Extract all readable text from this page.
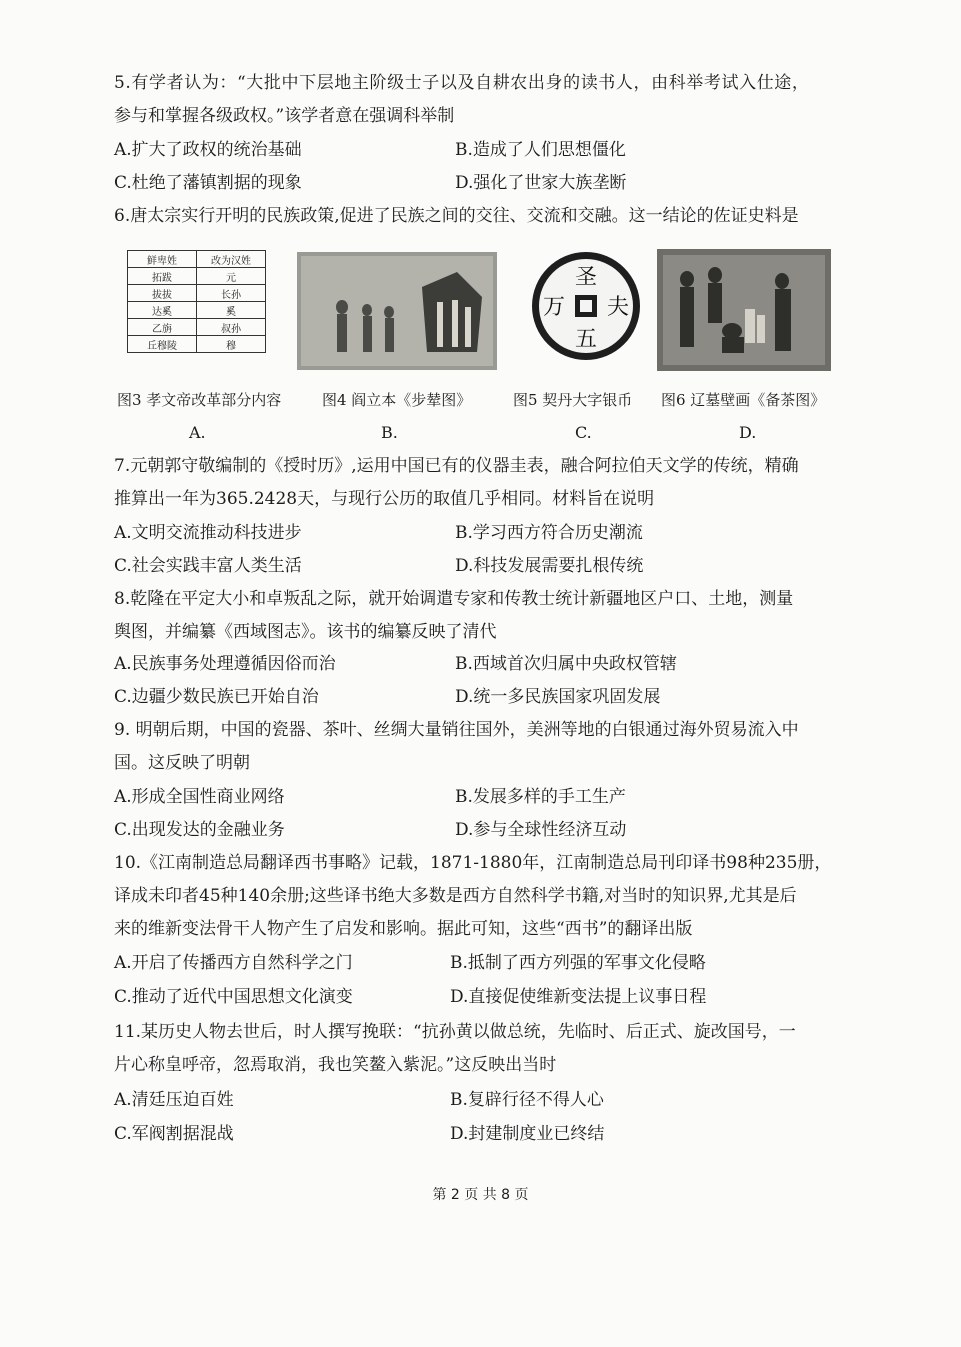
5.有学者认为：“大批中下层地主阶级士子以及自耕农出身的读书人，由科举考试入仕途，
参与和掌握各级政权。”该学者意在强调科举制
A.扩大了政权的统治基础	B.造成了人们思想僵化
C.杜绝了藩镇割据的现象	D.强化了世家大族垄断
6.唐太宗实行开明的民族政策,促进了民族之间的交往、交流和交融。这一结论的佐证史料是
鲜卑姓	改为汉姓
拓跋	元
拔拔	长孙
达奚	奚
乙旃	叔孙
丘穆陵	穆
圣
万 夫
五
图3 孝文帝改革部分内容	图4 阎立本《步辇图》	图5 契丹大字银币 图6 辽墓壁画《备茶图》
A.	B.	C.	D.
7.元朝郭守敬编制的《授时历》,运用中国已有的仪器圭表，融合阿拉伯天文学的传统，精确
推算出一年为365.2428天，与现行公历的取值几乎相同。材料旨在说明
A.文明交流推动科技进步	B.学习西方符合历史潮流
C.社会实践丰富人类生活	D.科技发展需要扎根传统
8.乾隆在平定大小和卓叛乱之际，就开始调遣专家和传教士统计新疆地区户口、土地，测量
舆图，并编纂《西域图志》。该书的编纂反映了清代
A.民族事务处理遵循因俗而治	B.西域首次归属中央政权管辖
C.边疆少数民族已开始自治	D.统一多民族国家巩固发展
9. 明朝后期，中国的瓷器、茶叶、丝绸大量销往国外，美洲等地的白银通过海外贸易流入中
国。这反映了明朝
A.形成全国性商业网络	B.发展多样的手工生产
C.出现发达的金融业务	D.参与全球性经济互动
10.《江南制造总局翻译西书事略》记载，1871-1880年，江南制造总局刊印译书98种235册，
译成未印者45种140余册;这些译书绝大多数是西方自然科学书籍,对当时的知识界,尤其是后
来的维新变法骨干人物产生了启发和影响。据此可知，这些“西书”的翻译出版
A.开启了传播西方自然科学之门	B.抵制了西方列强的军事文化侵略
C.推动了近代中国思想文化演变	D.直接促使维新变法提上议事日程
11.某历史人物去世后，时人撰写挽联：“抗孙黄以做总统，先临时、后正式、旋改国号，一
片心称皇呼帝，忽焉取消，我也笑鳌入紫泥。”这反映出当时
A.清廷压迫百姓	B.复辟行径不得人心
C.军阀割据混战	D.封建制度业已终结
第 2 页 共 8 页
